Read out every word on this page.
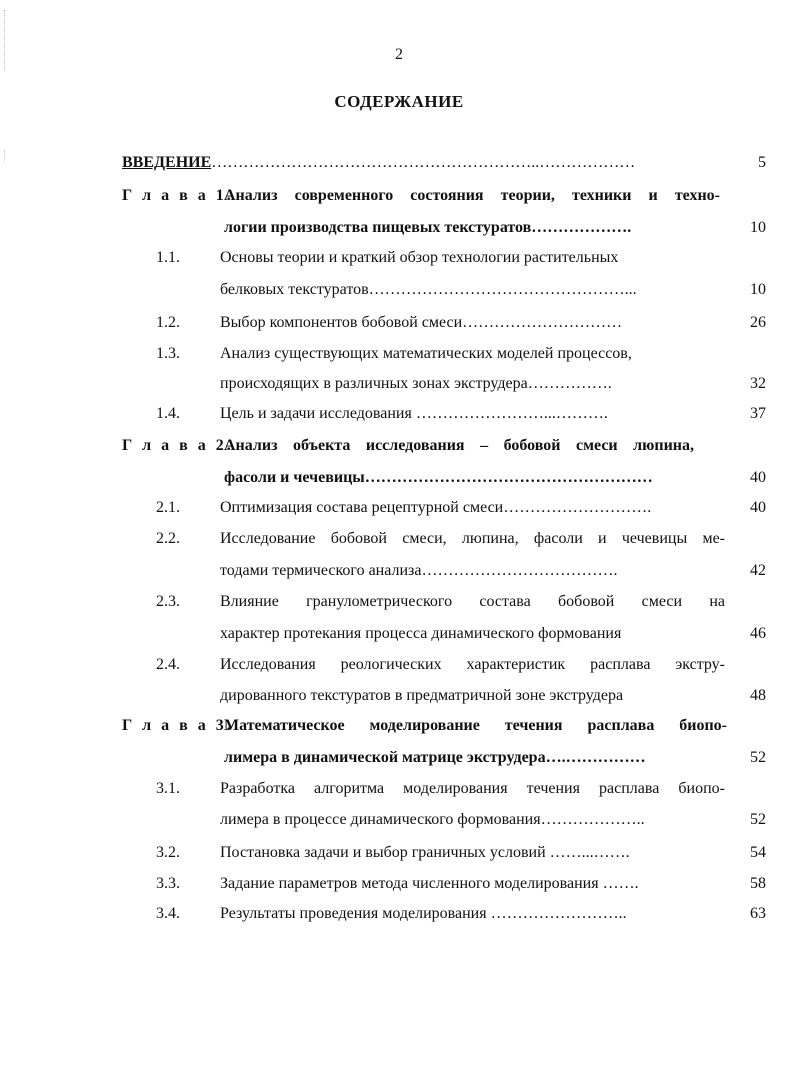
2
СОДЕРЖАНИЕ
ВВЕДЕНИЕ……………………………………………………..………………	5
Г л а в а 1.
Анализ современного состояния теории, техники и техно-
логии производства пищевых текстуратов……………….	10
1.1.	Основы теории и краткий обзор технологии растительных
белковых текстуратов…………………………………………...	10
1.2.	Выбор компонентов бобовой смеси…………………………	26
1.3.	Анализ существующих математических моделей процессов,
происходящих в различных зонах экструдера…………….	32
1.4.	Цель и задачи исследования ……………………...……….	37
Г л а в а 2.
Анализ объекта исследования – бобовой смеси люпина,
фасоли и чечевицы………………………………………………	40
2.1.	Оптимизация состава рецептурной смеси……………………….	40
2.2.	Исследование бобовой смеси, люпина, фасоли и чечевицы ме-
тодами термического анализа……………………………….	42
2.3.	Влияние гранулометрического состава бобовой смеси на
характер протекания процесса динамического формования	46
2.4.	Исследования реологических характеристик расплава экстру-
дированного текстуратов в предматричной зоне экструдера	48
Г л а в а 3.
Математическое моделирование течения расплава биопо-
лимера в динамической матрице экструдера….……………	52
3.1.	Разработка алгоритма моделирования течения расплава биопо-
лимера в процессе динамического формования………………..	52
3.2.	Постановка задачи и выбор граничных условий ……...…….	54
3.3.	Задание параметров метода численного моделирования …….	58
3.4.	Результаты проведения моделирования ……………………..	63
